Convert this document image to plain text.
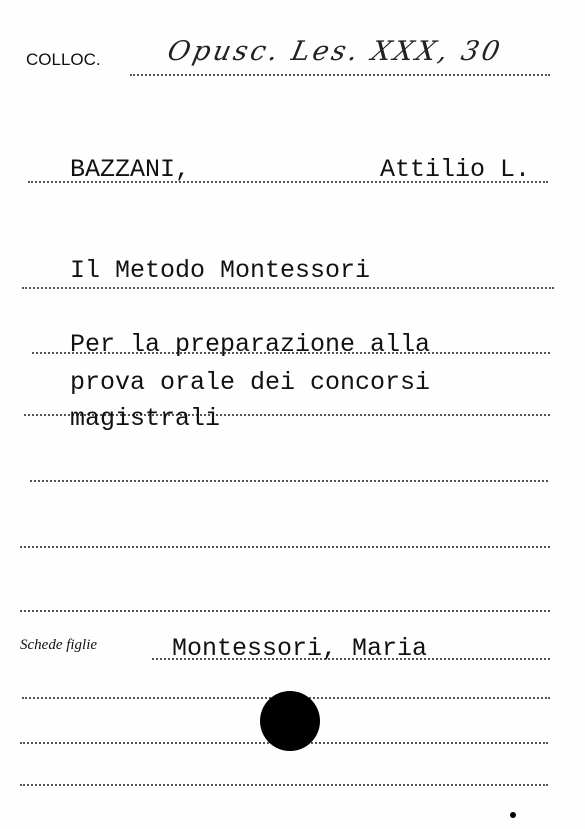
COLLOC. Opusc. Les. XXX, 30
BAZZANI,	Attilio L.
Il Metodo Montessori
Per la preparazione alla
prova orale dei concorsi
magistrali
Schede figlie	Montessori, Maria
